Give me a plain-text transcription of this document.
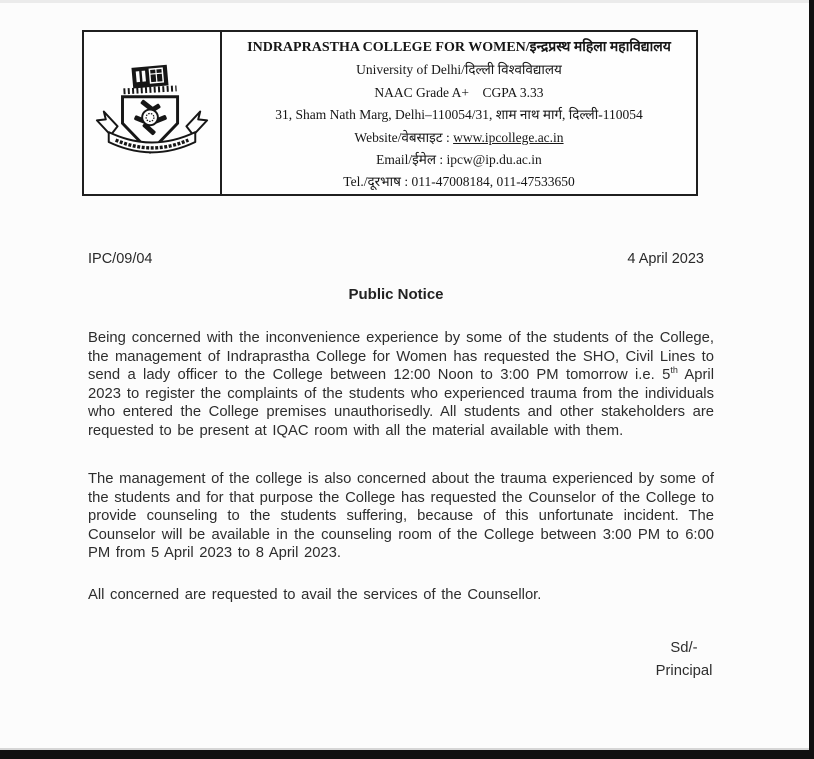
INDRAPRASTHA COLLEGE FOR WOMEN/इन्द्रप्रस्थ महिला महाविद्यालय
University of Delhi/दिल्ली विश्वविद्यालय
NAAC Grade A+    CGPA 3.33
31, Sham Nath Marg, Delhi–110054/31, शाम नाथ मार्ग, दिल्ली-110054
Website/वेबसाइट : www.ipcollege.ac.in
Email/ईमेल : ipcw@ip.du.ac.in
Tel./दूरभाष : 011-47008184, 011-47533650
IPC/09/04	4 April 2023
Public Notice

Being concerned with the inconvenience experience by some of the students of the College, the management of Indraprastha College for Women has requested the SHO, Civil Lines to send a lady officer to the College between 12:00 Noon to 3:00 PM tomorrow i.e. 5th April 2023 to register the complaints of the students who experienced trauma from the individuals who entered the College premises unauthorisedly. All students and other stakeholders are requested to be present at IQAC room with all the material available with them.

The management of the college is also concerned about the trauma experienced by some of the students and for that purpose the College has requested the Counselor of the College to provide counseling to the students suffering, because of this unfortunate incident. The Counselor will be available in the counseling room of the College between 3:00 PM to 6:00 PM from 5 April 2023 to 8 April 2023.

All concerned are requested to avail the services of the Counsellor.

Sd/-
Principal
